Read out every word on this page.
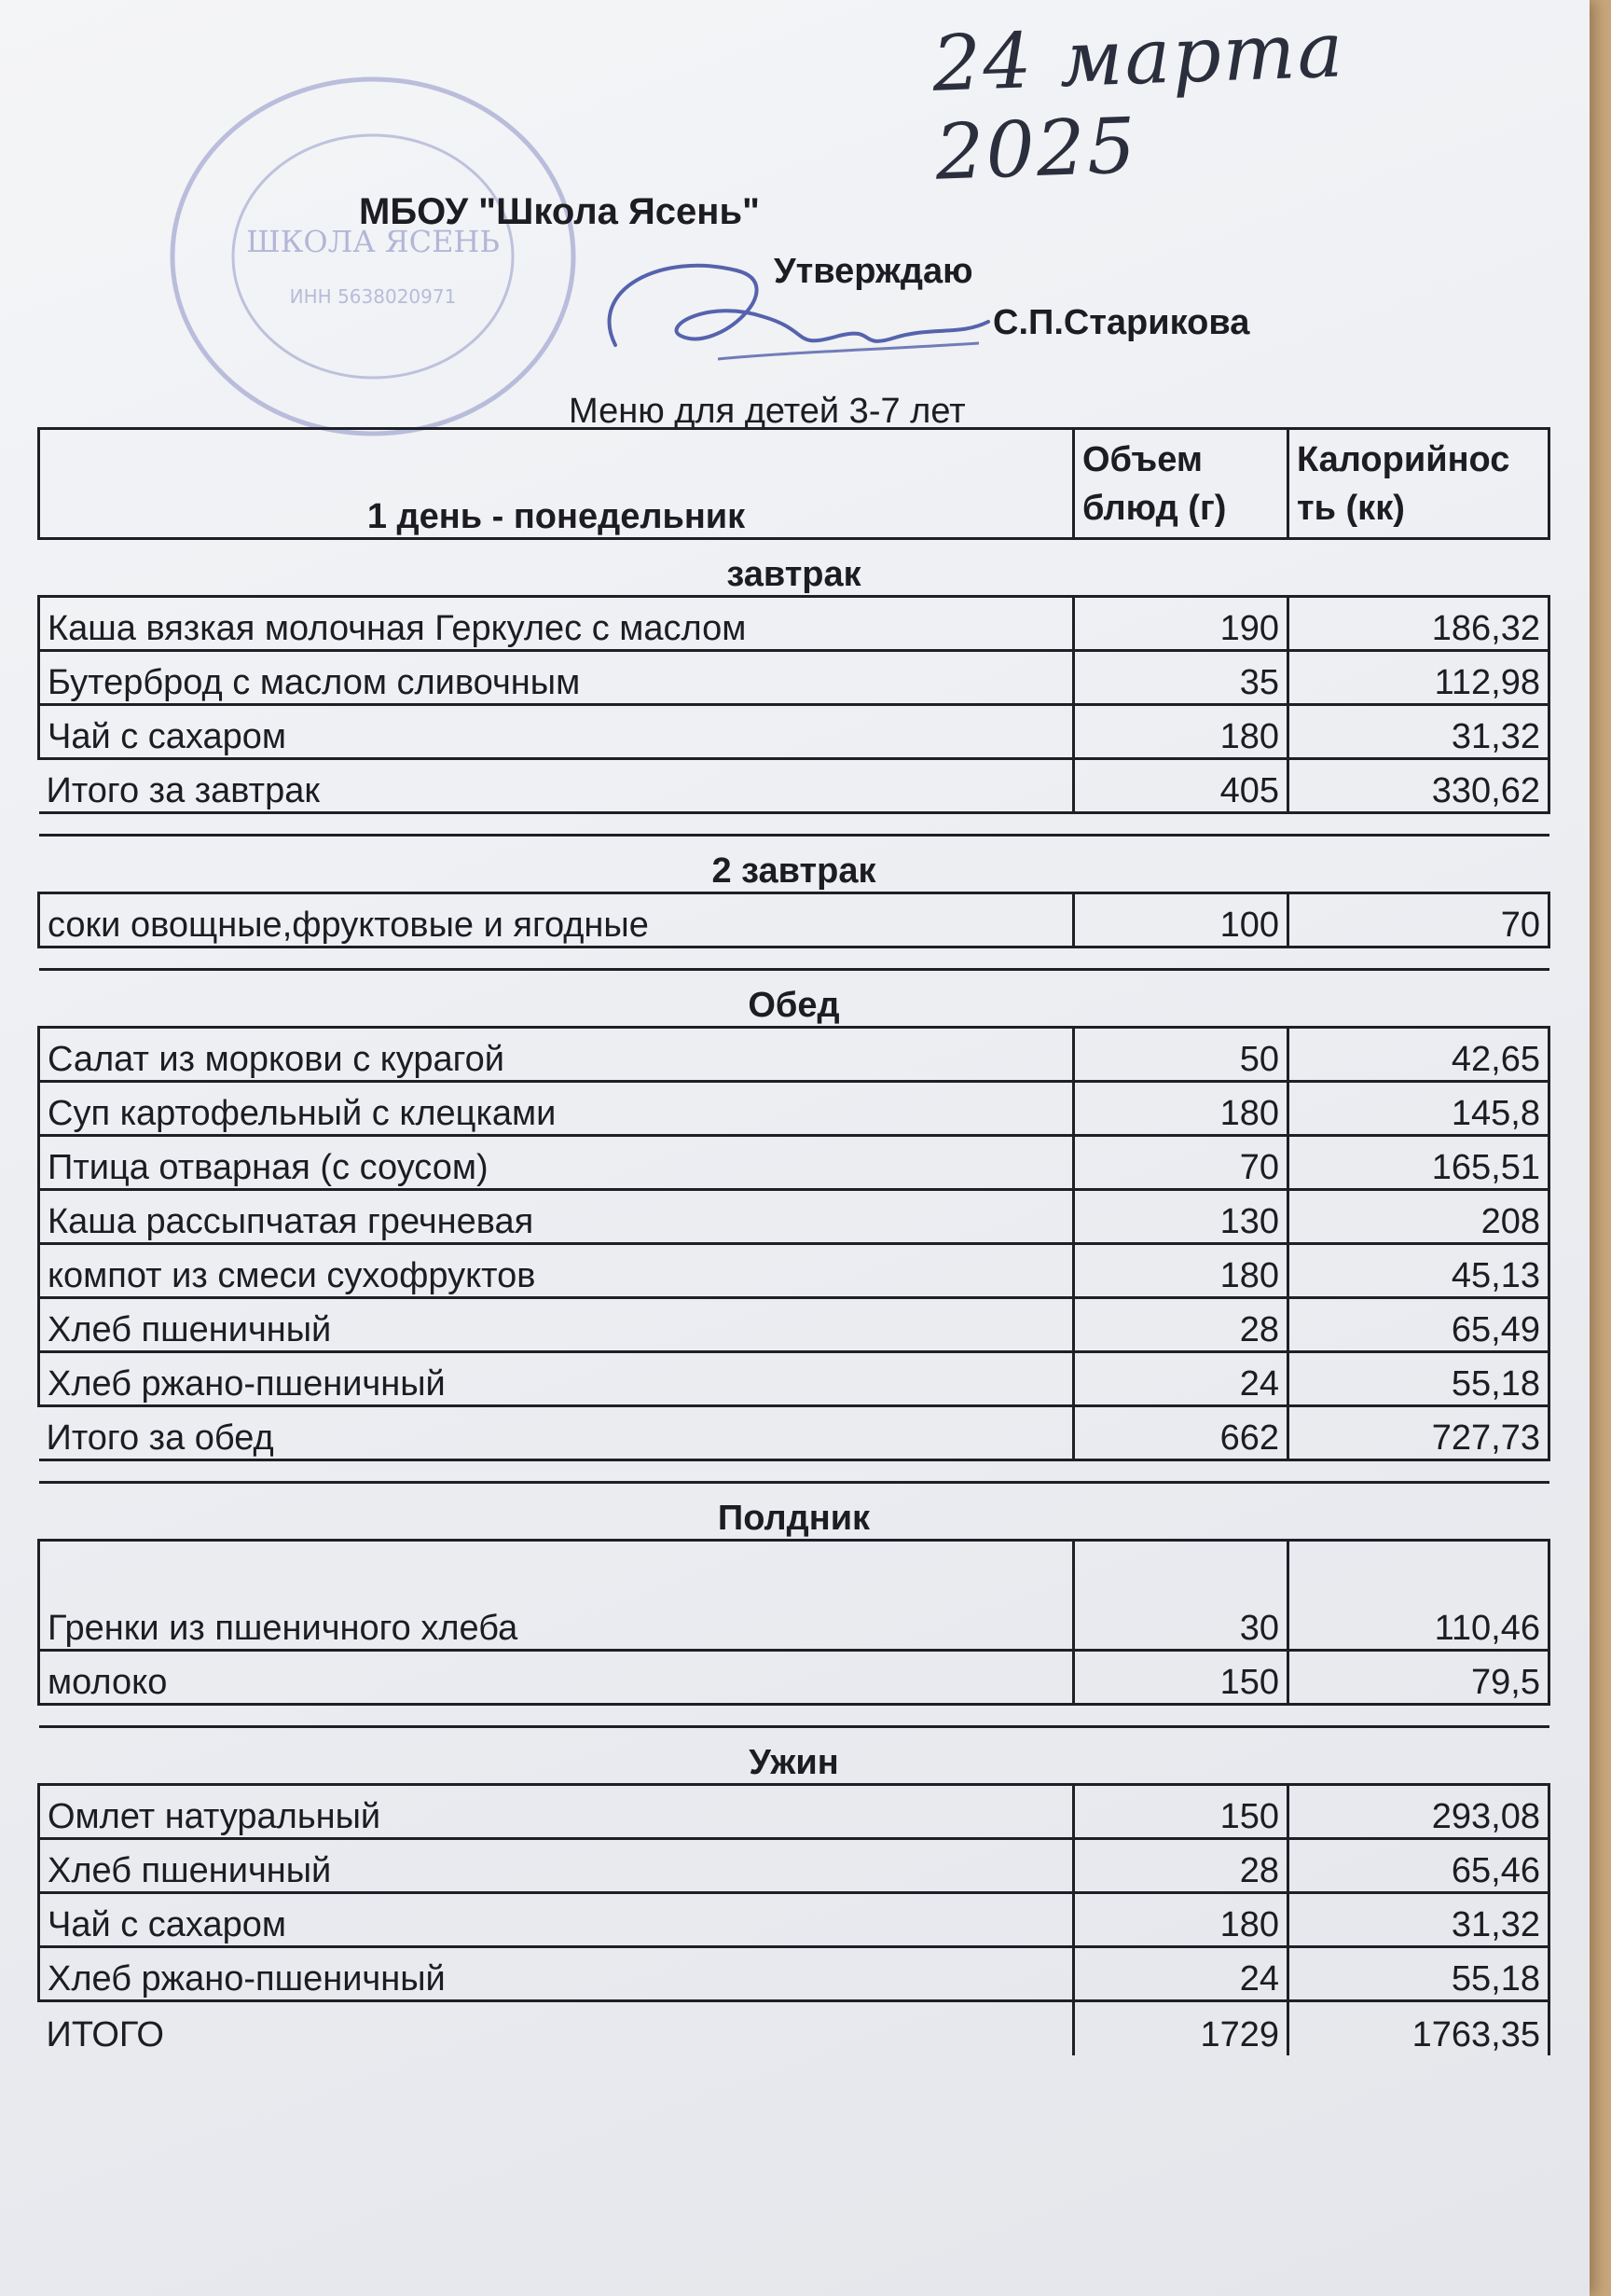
ШКОЛА ЯСЕНЬ
ИНН 5638020971
24 марта 2025
МБОУ "Школа Ясень"
Утверждаю
С.П.Старикова
Меню для детей 3-7 лет
1 день - понедельник	Объем блюд (г)	Калорийнос ть (кк)
завтрак		
Каша вязкая молочная Геркулес с маслом	190	186,32
Бутерброд с маслом сливочным	35	112,98
Чай с сахаром	180	31,32
Итого за завтрак	405	330,62

2 завтрак		
соки овощные,фруктовые и ягодные	100	70

Обед		
Салат из моркови с курагой	50	42,65
Суп картофельный с клецками	180	145,8
Птица отварная (с соусом)	70	165,51
Каша рассыпчатая гречневая	130	208
компот из смеси сухофруктов	180	45,13
Хлеб пшеничный	28	65,49
Хлеб ржано-пшеничный	24	55,18
Итого за обед	662	727,73

Полдник		
Гренки из пшеничного хлеба	30	110,46
молоко	150	79,5

Ужин		
Омлет натуральный	150	293,08
Хлеб пшеничный	28	65,46
Чай с сахаром	180	31,32
Хлеб ржано-пшеничный	24	55,18
ИТОГО	1729	1763,35
